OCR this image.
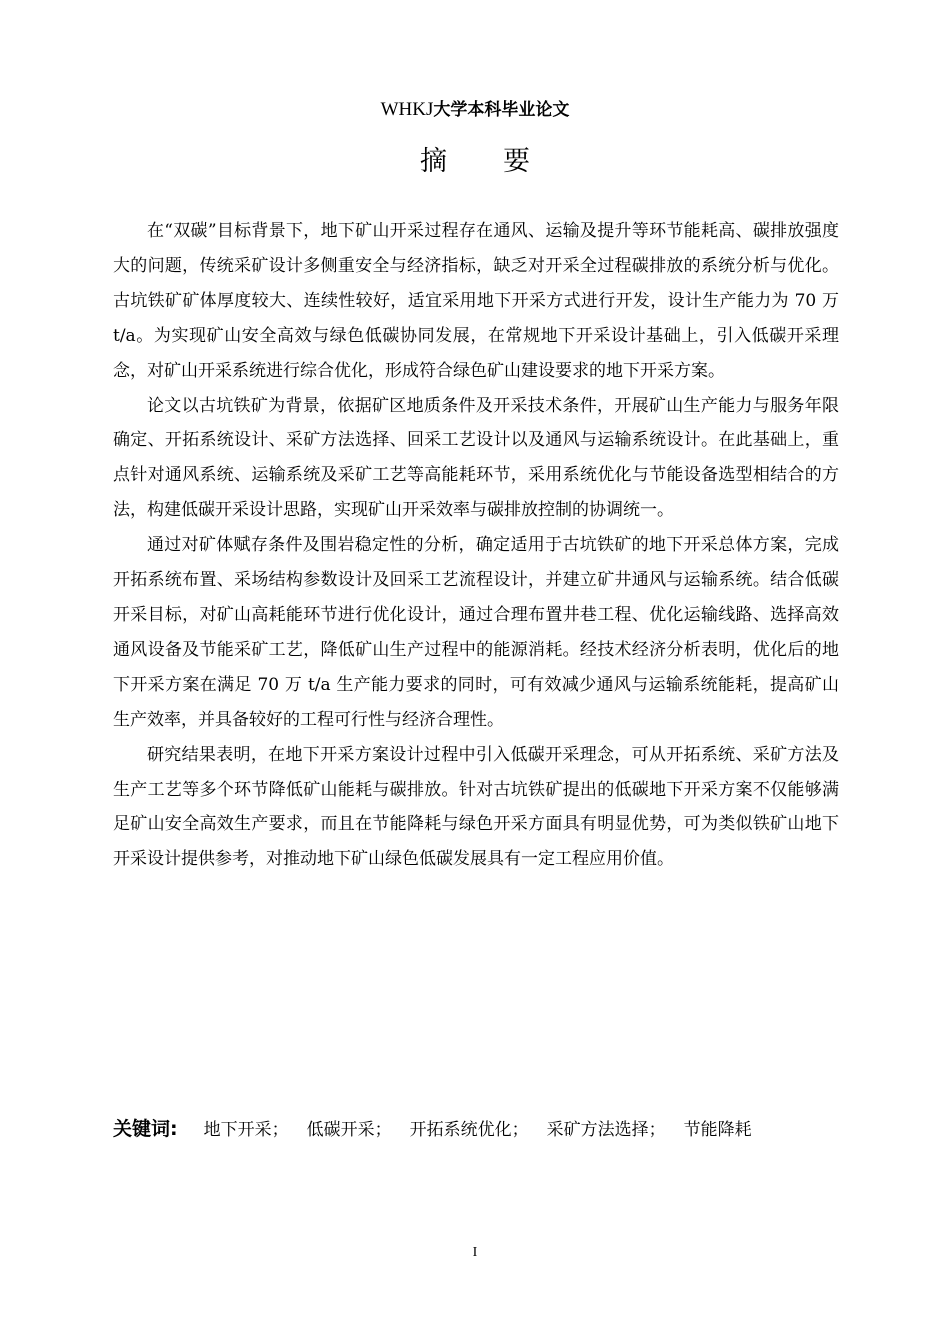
WHKJ大学本科毕业论文
摘要

在“双碳”目标背景下，地下矿山开采过程存在通风、运输及提升等环节能耗高、碳排放强度大的问题，传统采矿设计多侧重安全与经济指标，缺乏对开采全过程碳排放的系统分析与优化。古坑铁矿矿体厚度较大、连续性较好，适宜采用地下开采方式进行开发，设计生产能力为 70 万 t/a。为实现矿山安全高效与绿色低碳协同发展，在常规地下开采设计基础上，引入低碳开采理念，对矿山开采系统进行综合优化，形成符合绿色矿山建设要求的地下开采方案。

论文以古坑铁矿为背景，依据矿区地质条件及开采技术条件，开展矿山生产能力与服务年限确定、开拓系统设计、采矿方法选择、回采工艺设计以及通风与运输系统设计。在此基础上，重点针对通风系统、运输系统及采矿工艺等高能耗环节，采用系统优化与节能设备选型相结合的方法，构建低碳开采设计思路，实现矿山开采效率与碳排放控制的协调统一。

通过对矿体赋存条件及围岩稳定性的分析，确定适用于古坑铁矿的地下开采总体方案，完成开拓系统布置、采场结构参数设计及回采工艺流程设计，并建立矿井通风与运输系统。结合低碳开采目标，对矿山高耗能环节进行优化设计，通过合理布置井巷工程、优化运输线路、选择高效通风设备及节能采矿工艺，降低矿山生产过程中的能源消耗。经技术经济分析表明，优化后的地下开采方案在满足 70 万 t/a 生产能力要求的同时，可有效减少通风与运输系统能耗，提高矿山生产效率，并具备较好的工程可行性与经济合理性。

研究结果表明，在地下开采方案设计过程中引入低碳开采理念，可从开拓系统、采矿方法及生产工艺等多个环节降低矿山能耗与碳排放。针对古坑铁矿提出的低碳地下开采方案不仅能够满足矿山安全高效生产要求，而且在节能降耗与绿色开采方面具有明显优势，可为类似铁矿山地下开采设计提供参考，对推动地下矿山绿色低碳发展具有一定工程应用价值。

关键词: 地下开采； 低碳开采； 开拓系统优化； 采矿方法选择； 节能降耗
I
